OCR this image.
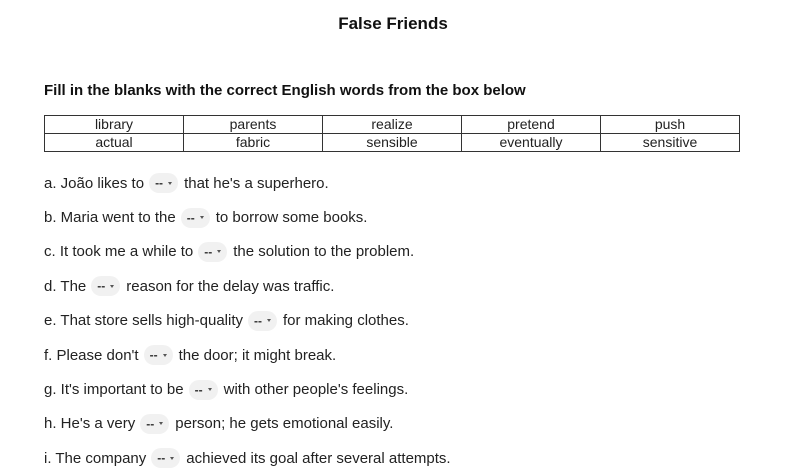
False Friends
Fill in the blanks with the correct English words from the box below
library	parents	realize	pretend	push
actual	fabric	sensible	eventually	sensitive
a. João likes to -- that he's a superhero.
b. Maria went to the -- to borrow some books.
c. It took me a while to -- the solution to the problem.
d. The -- reason for the delay was traffic.
e. That store sells high-quality -- for making clothes.
f. Please don't -- the door; it might break.
g. It's important to be -- with other people's feelings.
h. He's a very -- person; he gets emotional easily.
i. The company -- achieved its goal after several attempts.
